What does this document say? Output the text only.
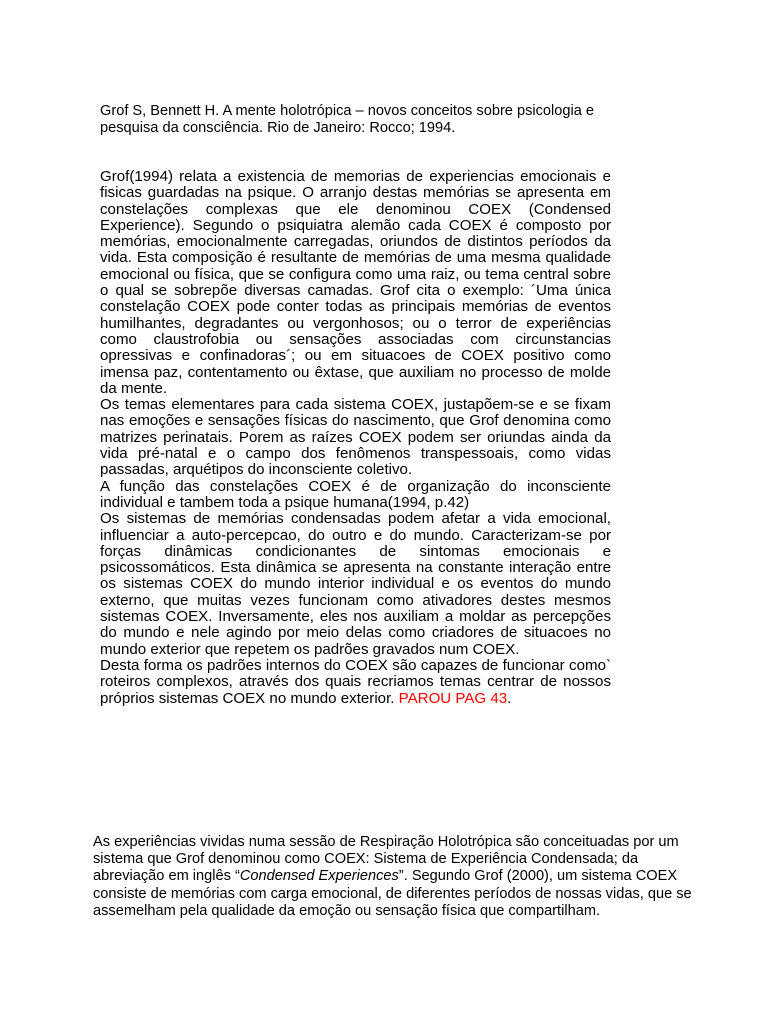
Grof S, Bennett H. A mente holotrópica – novos conceitos sobre psicologia e

pesquisa da consciência. Rio de Janeiro: Rocco; 1994.

Grof(1994) relata a existencia de memorias de experiencias emocionais e fisicas guardadas na psique. O arranjo destas memórias se apresenta em constelações complexas que ele denominou COEX (Condensed Experience). Segundo o psiquiatra alemão cada COEX é composto por memórias, emocionalmente carregadas, oriundos de distintos períodos da vida. Esta composição é resultante de memórias de uma mesma qualidade emocional ou física, que se configura como uma raiz, ou tema central sobre o qual se sobrepõe diversas camadas. Grof cita o exemplo: ´Uma única constelação COEX pode conter todas as principais memórias de eventos humilhantes, degradantes ou vergonhosos; ou o terror de experiências como claustrofobia ou sensações associadas com circunstancias opressivas e confinadoras´; ou em situacoes de COEX positivo como imensa paz, contentamento ou êxtase, que auxiliam no processo de molde da mente.

Os temas elementares para cada sistema COEX, justapõem-se e se fixam nas emoções e sensações físicas do nascimento, que Grof denomina como matrizes perinatais. Porem as raízes COEX podem ser oriundas ainda da vida pré-natal e o campo dos fenômenos transpessoais, como vidas passadas, arquétipos do inconsciente coletivo.

A função das constelações COEX é de organização do inconsciente individual e tambem toda a psique humana(1994, p.42)

Os sistemas de memórias condensadas podem afetar a vida emocional, influenciar a auto-percepcao, do outro e do mundo. Caracterizam-se por forças dinâmicas condicionantes de sintomas emocionais e psicossomáticos. Esta dinâmica se apresenta na constante interação entre os sistemas COEX do mundo interior individual e os eventos do mundo externo, que muitas vezes funcionam como ativadores destes mesmos sistemas COEX. Inversamente, eles nos auxiliam a moldar as percepções do mundo e nele agindo por meio delas como criadores de situacoes no mundo exterior que repetem os padrões gravados num COEX.

Desta forma os padrões internos do COEX são capazes de funcionar como` roteiros complexos, através dos quais recriamos temas centrar de nossos próprios sistemas COEX no mundo exterior. PAROU PAG 43.

As experiências vividas numa sessão de Respiração Holotrópica são conceituadas por um sistema que Grof denominou como COEX: Sistema de Experiência Condensada; da abreviação em inglês “Condensed Experiences”. Segundo Grof (2000), um sistema COEX consiste de memórias com carga emocional, de diferentes períodos de nossas vidas, que se assemelham pela qualidade da emoção ou sensação física que compartilham.
